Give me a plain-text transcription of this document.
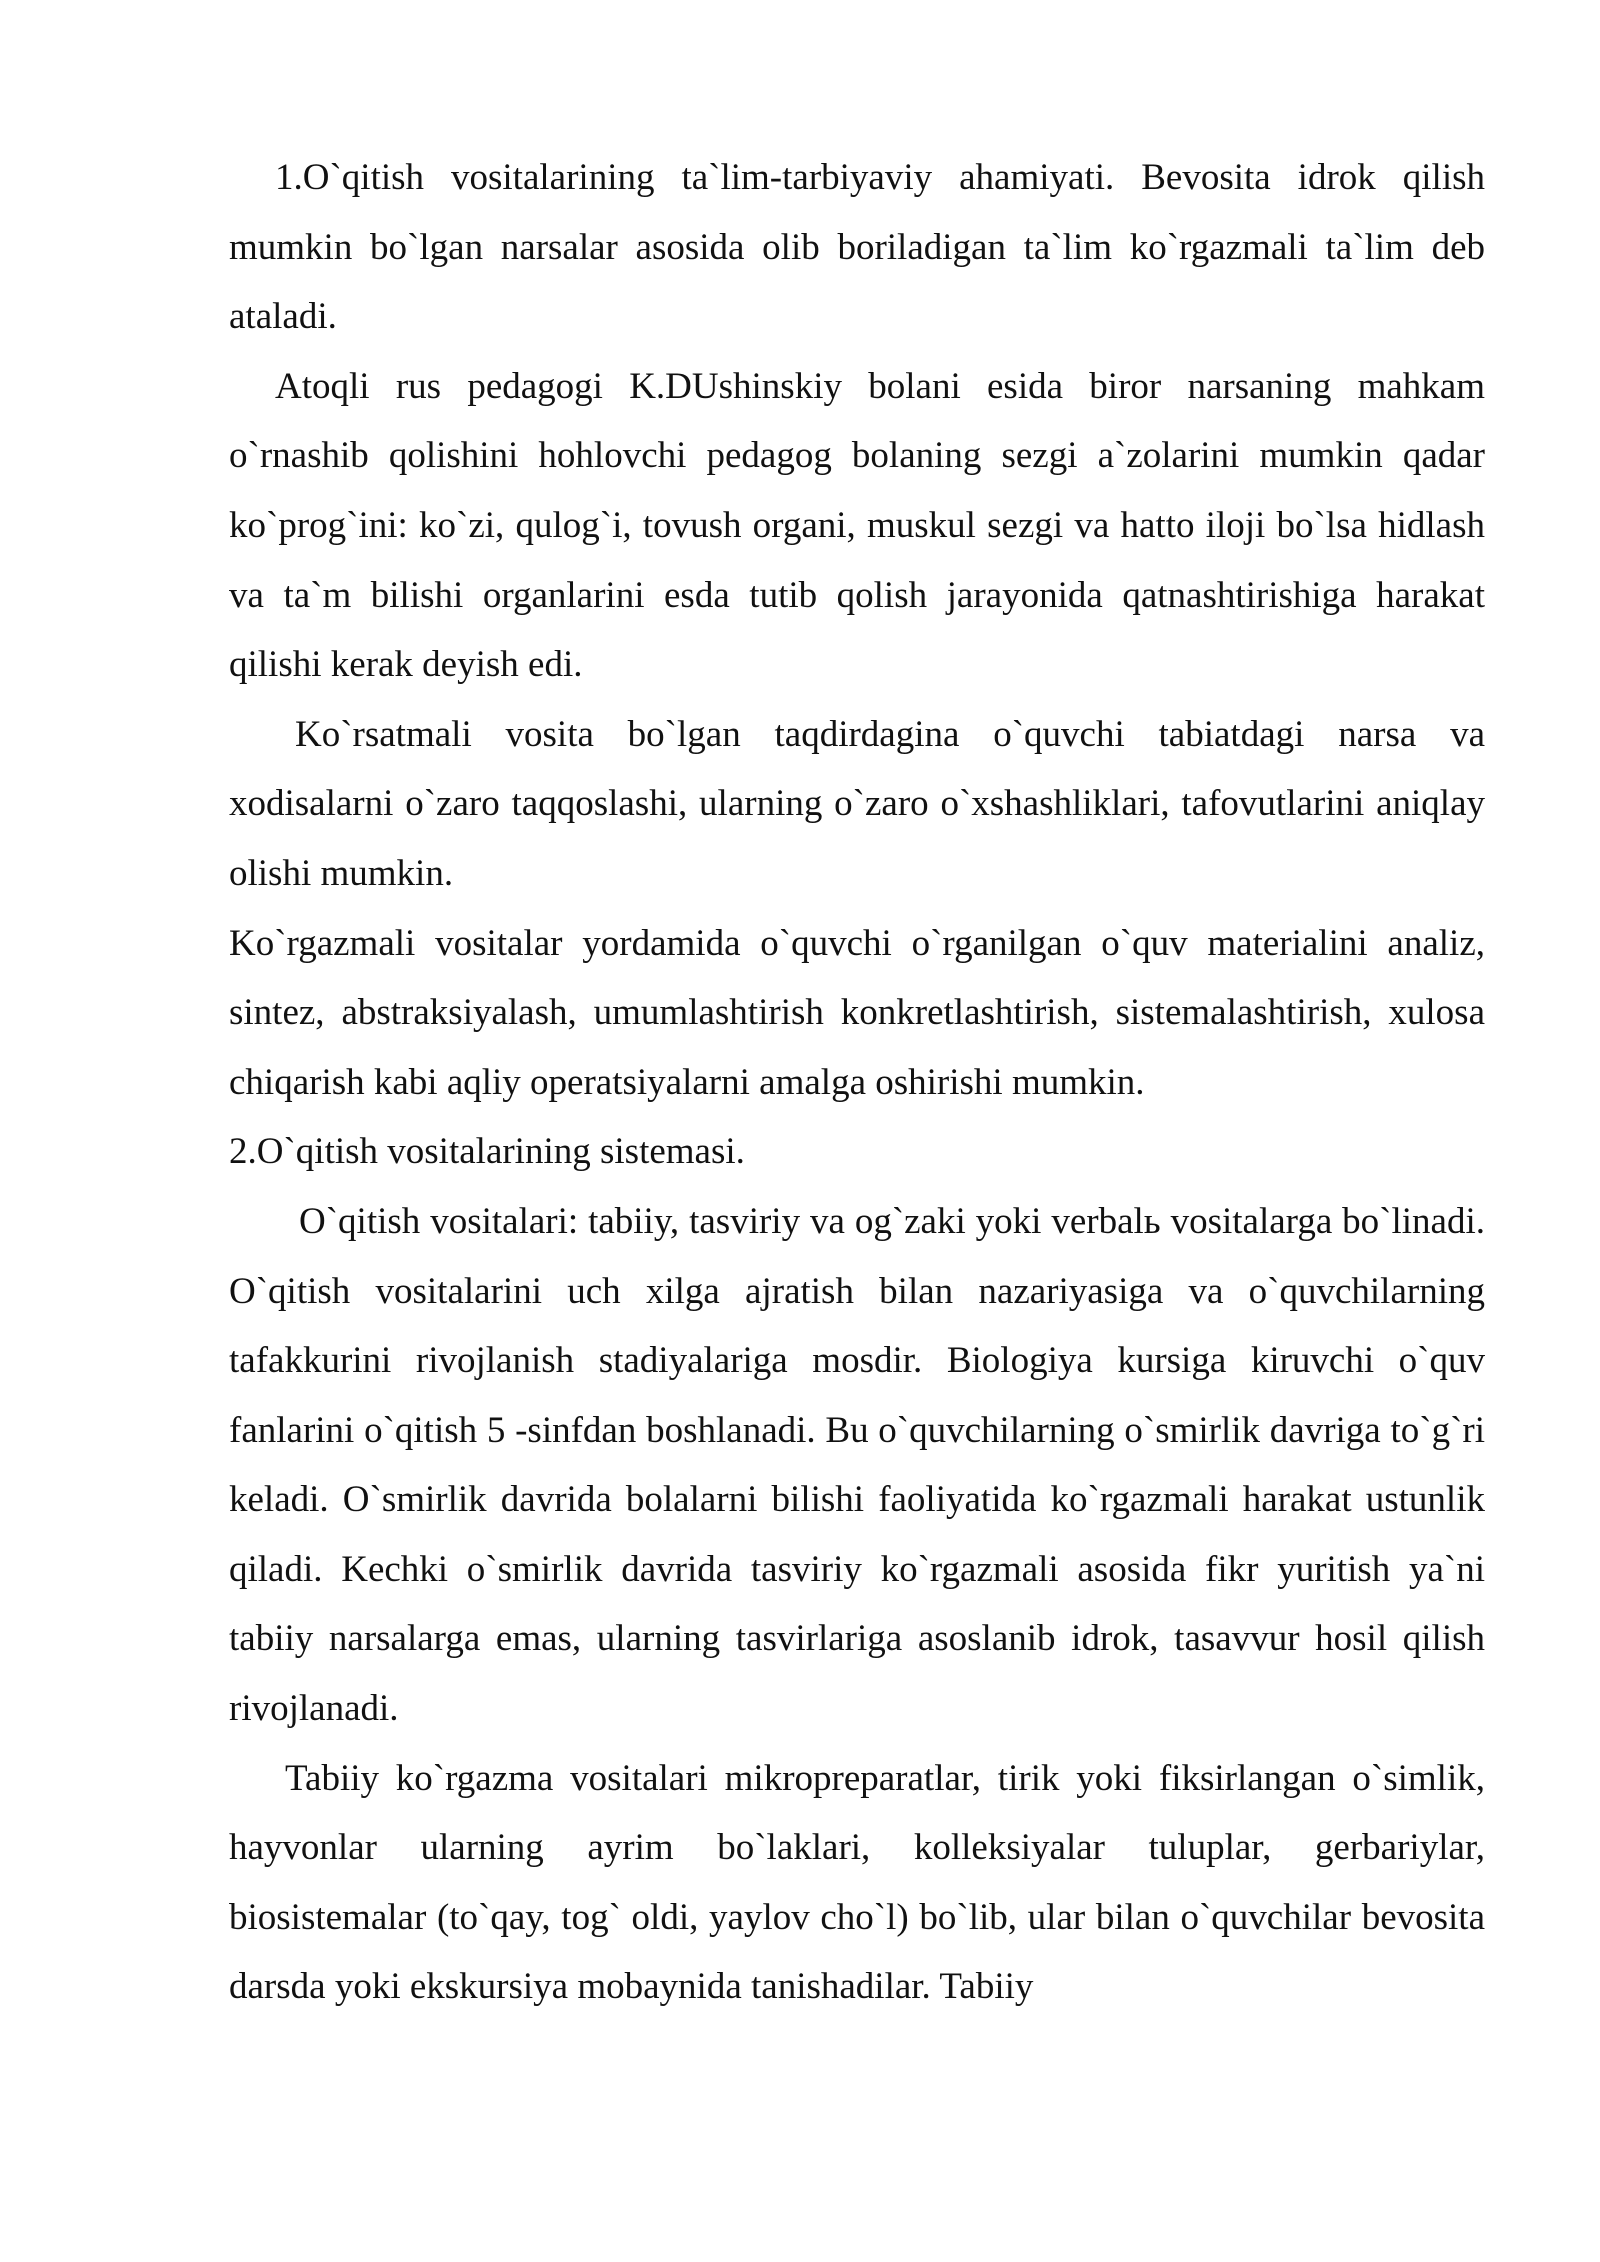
1.O`qitish vositalarining ta`lim-tarbiyaviy ahamiyati. Bevosita idrok qilish mumkin bo`lgan narsalar asosida olib boriladigan ta`lim ko`rgazmali ta`lim deb ataladi.

Atoqli rus pedagogi K.DUshinskiy bolani esida biror narsaning mahkam o`rnashib qolishini hohlovchi pedagog bolaning sezgi a`zolarini mumkin qadar ko`prog`ini: ko`zi, qulog`i, tovush organi, muskul sezgi va hatto iloji bo`lsa hidlash va ta`m bilishi organlarini esda tutib qolish jarayonida qatnashtirishiga harakat qilishi kerak deyish edi.

Ko`rsatmali vosita bo`lgan taqdirdagina o`quvchi tabiatdagi narsa va xodisalarni o`zaro taqqoslashi, ularning o`zaro o`xshashliklari, tafovutlarini aniqlay olishi mumkin.

Ko`rgazmali vositalar yordamida o`quvchi o`rganilgan o`quv materialini analiz, sintez, abstraksiyalash, umumlashtirish konkretlashtirish, sistemalashtirish, xulosa chiqarish kabi aqliy operatsiyalarni amalga oshirishi mumkin.

2.O`qitish vositalarining sistemasi.

O`qitish vositalari: tabiiy, tasviriy va og`zaki yoki verbalь vositalarga bo`linadi. O`qitish vositalarini uch xilga ajratish bilan nazariyasiga va o`quvchilarning tafakkurini rivojlanish stadiyalariga mosdir. Biologiya kursiga kiruvchi o`quv fanlarini o`qitish 5 -sinfdan boshlanadi. Bu o`quvchilarning o`smirlik davriga to`g`ri keladi. O`smirlik davrida bolalarni bilishi faoliyatida ko`rgazmali harakat ustunlik qiladi. Kechki o`smirlik davrida tasviriy ko`rgazmali asosida fikr yuritish ya`ni tabiiy narsalarga emas, ularning tasvirlariga asoslanib idrok, tasavvur hosil qilish rivojlanadi.

Tabiiy ko`rgazma vositalari mikropreparatlar, tirik yoki fiksirlangan o`simlik, hayvonlar ularning ayrim bo`laklari, kolleksiyalar tuluplar, gerbariylar, biosistemalar (to`qay, tog` oldi, yaylov cho`l) bo`lib, ular bilan o`quvchilar bevosita darsda yoki ekskursiya mobaynida tanishadilar. Tabiiy
